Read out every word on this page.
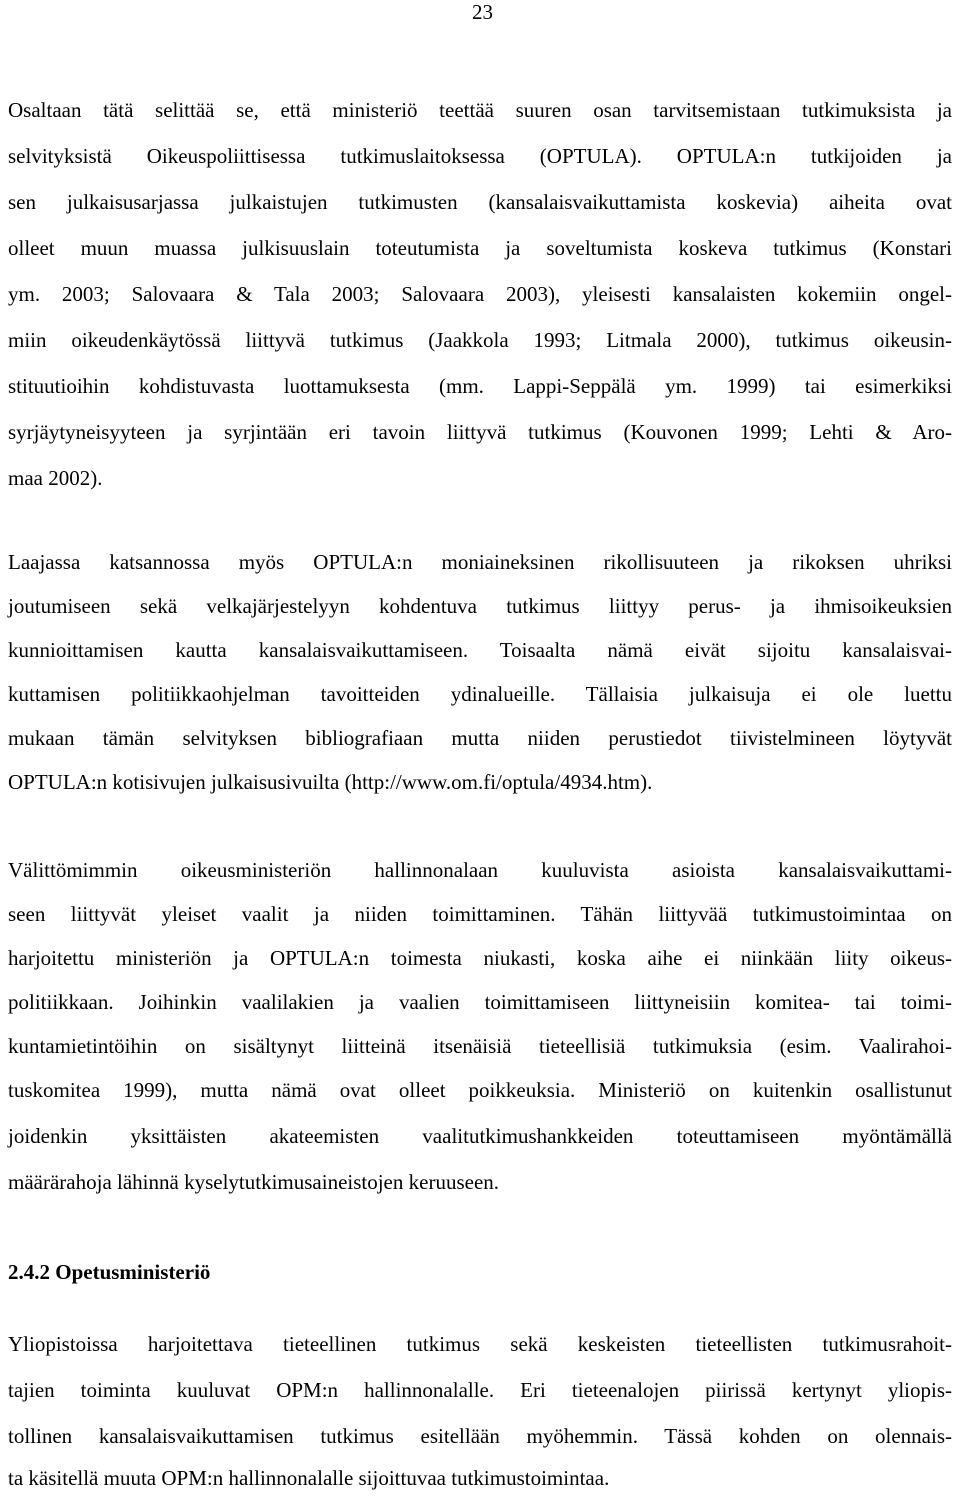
23
Osaltaan tätä selittää se, että ministeriö teettää suuren osan tarvitsemistaan tutkimuksista ja
selvityksistä Oikeuspoliittisessa tutkimuslaitoksessa (OPTULA). OPTULA:n tutkijoiden ja
sen julkaisusarjassa julkaistujen tutkimusten (kansalaisvaikuttamista koskevia) aiheita ovat
olleet muun muassa julkisuuslain toteutumista ja soveltumista koskeva tutkimus (Konstari
ym. 2003; Salovaara & Tala 2003; Salovaara 2003), yleisesti kansalaisten kokemiin ongel-
miin oikeudenkäytössä liittyvä tutkimus (Jaakkola 1993; Litmala 2000), tutkimus oikeusin-
stituutioihin kohdistuvasta luottamuksesta (mm. Lappi-Seppälä ym. 1999) tai esimerkiksi
syrjäytyneisyyteen ja syrjintään eri tavoin liittyvä tutkimus (Kouvonen 1999; Lehti & Aro-
maa 2002).
Laajassa katsannossa myös OPTULA:n moniaineksinen rikollisuuteen ja rikoksen uhriksi
joutumiseen sekä velkajärjestelyyn kohdentuva tutkimus liittyy perus- ja ihmisoikeuksien
kunnioittamisen kautta kansalaisvaikuttamiseen. Toisaalta nämä eivät sijoitu kansalaisvai-
kuttamisen politiikkaohjelman tavoitteiden ydinalueille. Tällaisia julkaisuja ei ole luettu
mukaan tämän selvityksen bibliografiaan mutta niiden perustiedot tiivistelmineen löytyvät
OPTULA:n kotisivujen julkaisusivuilta (http://www.om.fi/optula/4934.htm).
Välittömimmin oikeusministeriön hallinnonalaan kuuluvista asioista kansalaisvaikuttami-
seen liittyvät yleiset vaalit ja niiden toimittaminen. Tähän liittyvää tutkimustoimintaa on
harjoitettu ministeriön ja OPTULA:n toimesta niukasti, koska aihe ei niinkään liity oikeus-
politiikkaan. Joihinkin vaalilakien ja vaalien toimittamiseen liittyneisiin komitea- tai toimi-
kuntamietintöihin on sisältynyt liitteinä itsenäisiä tieteellisiä tutkimuksia (esim. Vaalirahoi-
tuskomitea 1999), mutta nämä ovat olleet poikkeuksia. Ministeriö on kuitenkin osallistunut
joidenkin yksittäisten akateemisten vaalitutkimushankkeiden toteuttamiseen myöntämällä
määrärahoja lähinnä kyselytutkimusaineistojen keruuseen.
2.4.2 Opetusministeriö
Yliopistoissa harjoitettava tieteellinen tutkimus sekä keskeisten tieteellisten tutkimusrahoit-
tajien toiminta kuuluvat OPM:n hallinnonalalle. Eri tieteenalojen piirissä kertynyt yliopis-
tollinen kansalaisvaikuttamisen tutkimus esitellään myöhemmin. Tässä kohden on olennais-
ta käsitellä muuta OPM:n hallinnonalalle sijoittuvaa tutkimustoimintaa.
